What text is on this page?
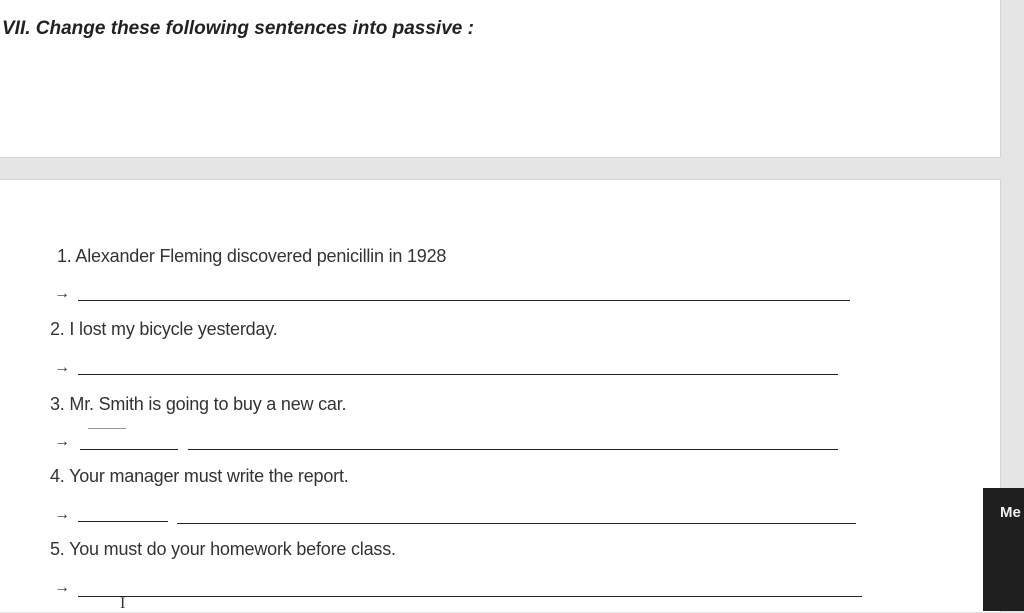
VII. Change these following sentences into passive :
1. Alexander Fleming discovered penicillin in 1928
→
2. I lost my bicycle yesterday.
→
3. Mr. Smith is going to buy a new car.
→
4. Your manager must write the report.
→
5. You must do your homework before class.
→
I
Me
